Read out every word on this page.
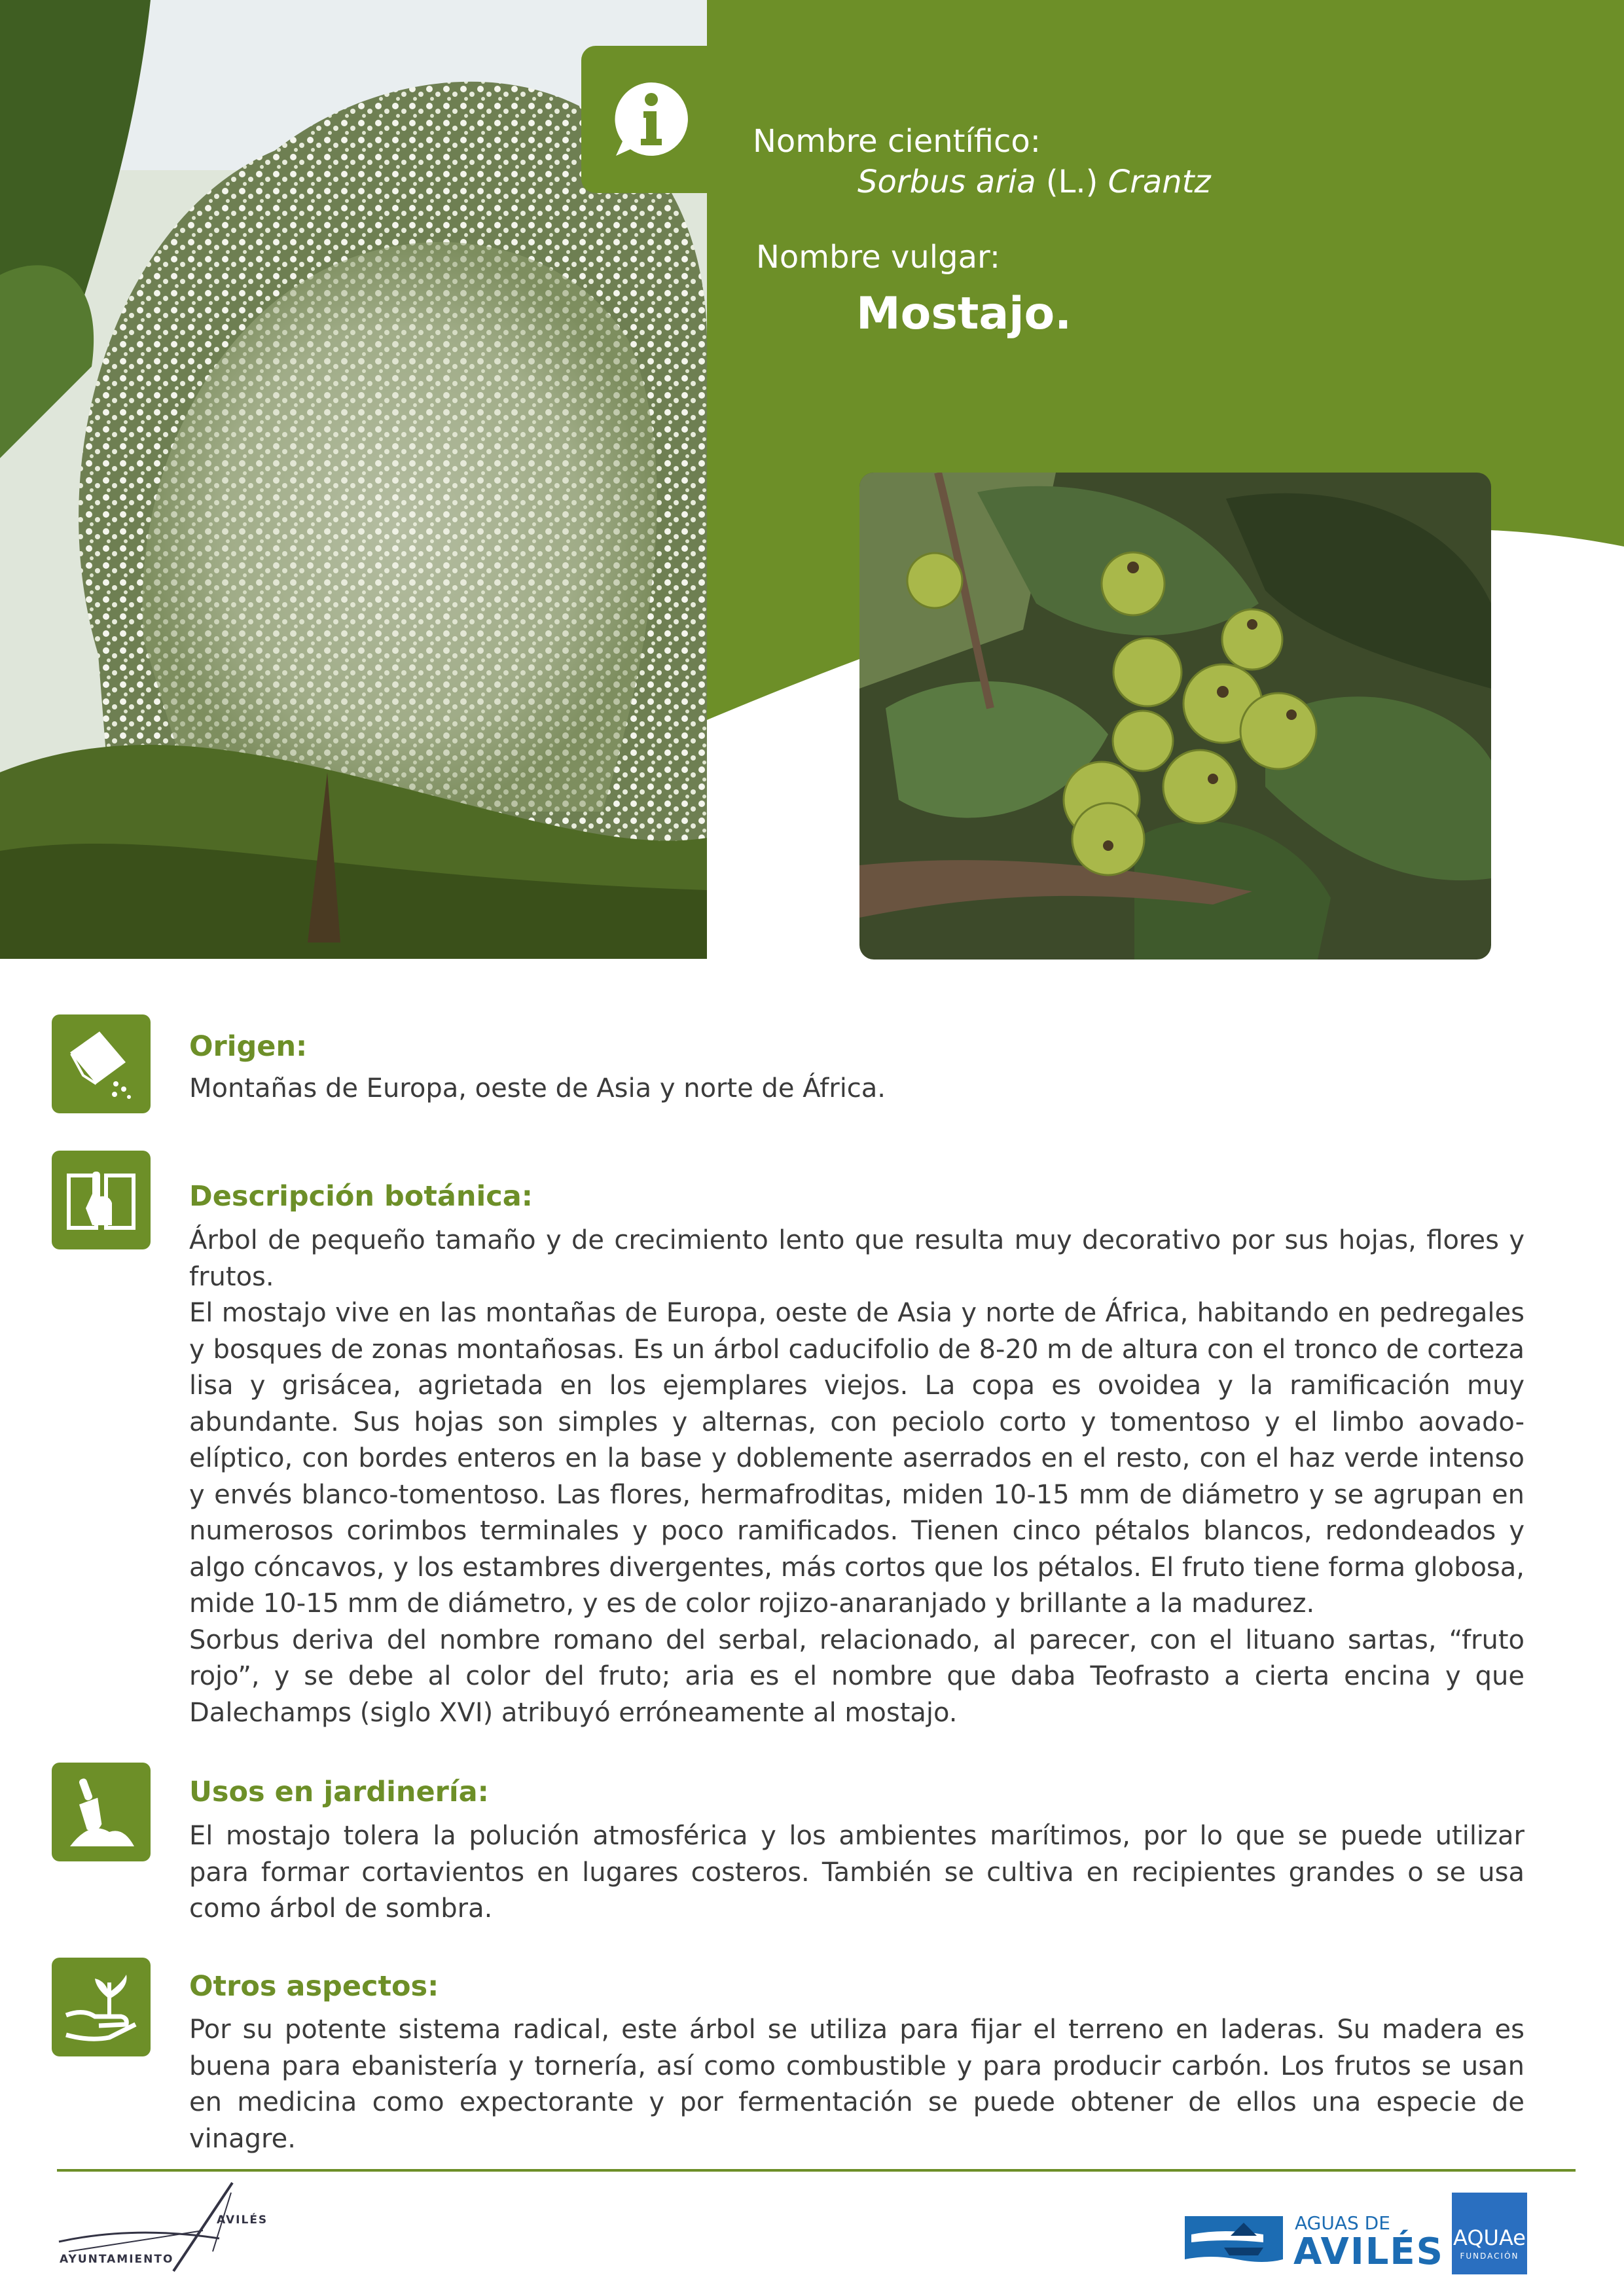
Nombre científico:
Sorbus aria (L.) Crantz
Nombre vulgar:
Mostajo.
Origen:

Montañas de Europa, oeste de Asia y norte de África.

Descripción botánica:

Árbol de pequeño tamaño y de crecimiento lento que resulta muy decorativo por sus hojas, flores y frutos.

El mostajo vive en las montañas de Europa, oeste de Asia y norte de África, habitando en pedregales y bosques de zonas montañosas. Es un árbol caducifolio de 8-20 m de altura con el tronco de corteza lisa y grisácea, agrietada en los ejemplares viejos. La copa es ovoidea y la ramificación muy abundante. Sus hojas son simples y alternas, con peciolo corto y tomentoso y el limbo aovado-elíptico, con bordes enteros en la base y doblemente aserrados en el resto, con el haz verde intenso y envés blanco-tomentoso. Las flores, hermafroditas, miden 10-15 mm de diámetro y se agrupan en numerosos corimbos terminales y poco ramificados. Tienen cinco pétalos blancos, redondeados y algo cóncavos, y los estambres divergentes, más cortos que los pétalos. El fruto tiene forma globosa, mide 10-15 mm de diámetro, y es de color rojizo-anaranjado y brillante a la madurez.

Sorbus deriva del nombre romano del serbal, relacionado, al parecer, con el lituano sartas, “fruto rojo”, y se debe al color del fruto; aria es el nombre que daba Teofrasto a cierta encina y que Dalechamps (siglo XVI) atribuyó erróneamente al mostajo.

Usos en jardinería:

El mostajo tolera la polución atmosférica y los ambientes marítimos, por lo que se puede utilizar para formar cortavientos en lugares costeros. También se cultiva en recipientes grandes o se usa como árbol de sombra.

Otros aspectos:

Por su potente sistema radical, este árbol se utiliza para fijar el terreno en laderas. Su madera es buena para ebanistería y tornería, así como combustible y para producir carbón. Los frutos se usan en medicina como expectorante y por fermentación se puede obtener de ellos una especie de vinagre.

AYUNTAMIENTO
AVILÉS	AGUAS DE
AVILÉS AQUAe
FUNDACIÓN
